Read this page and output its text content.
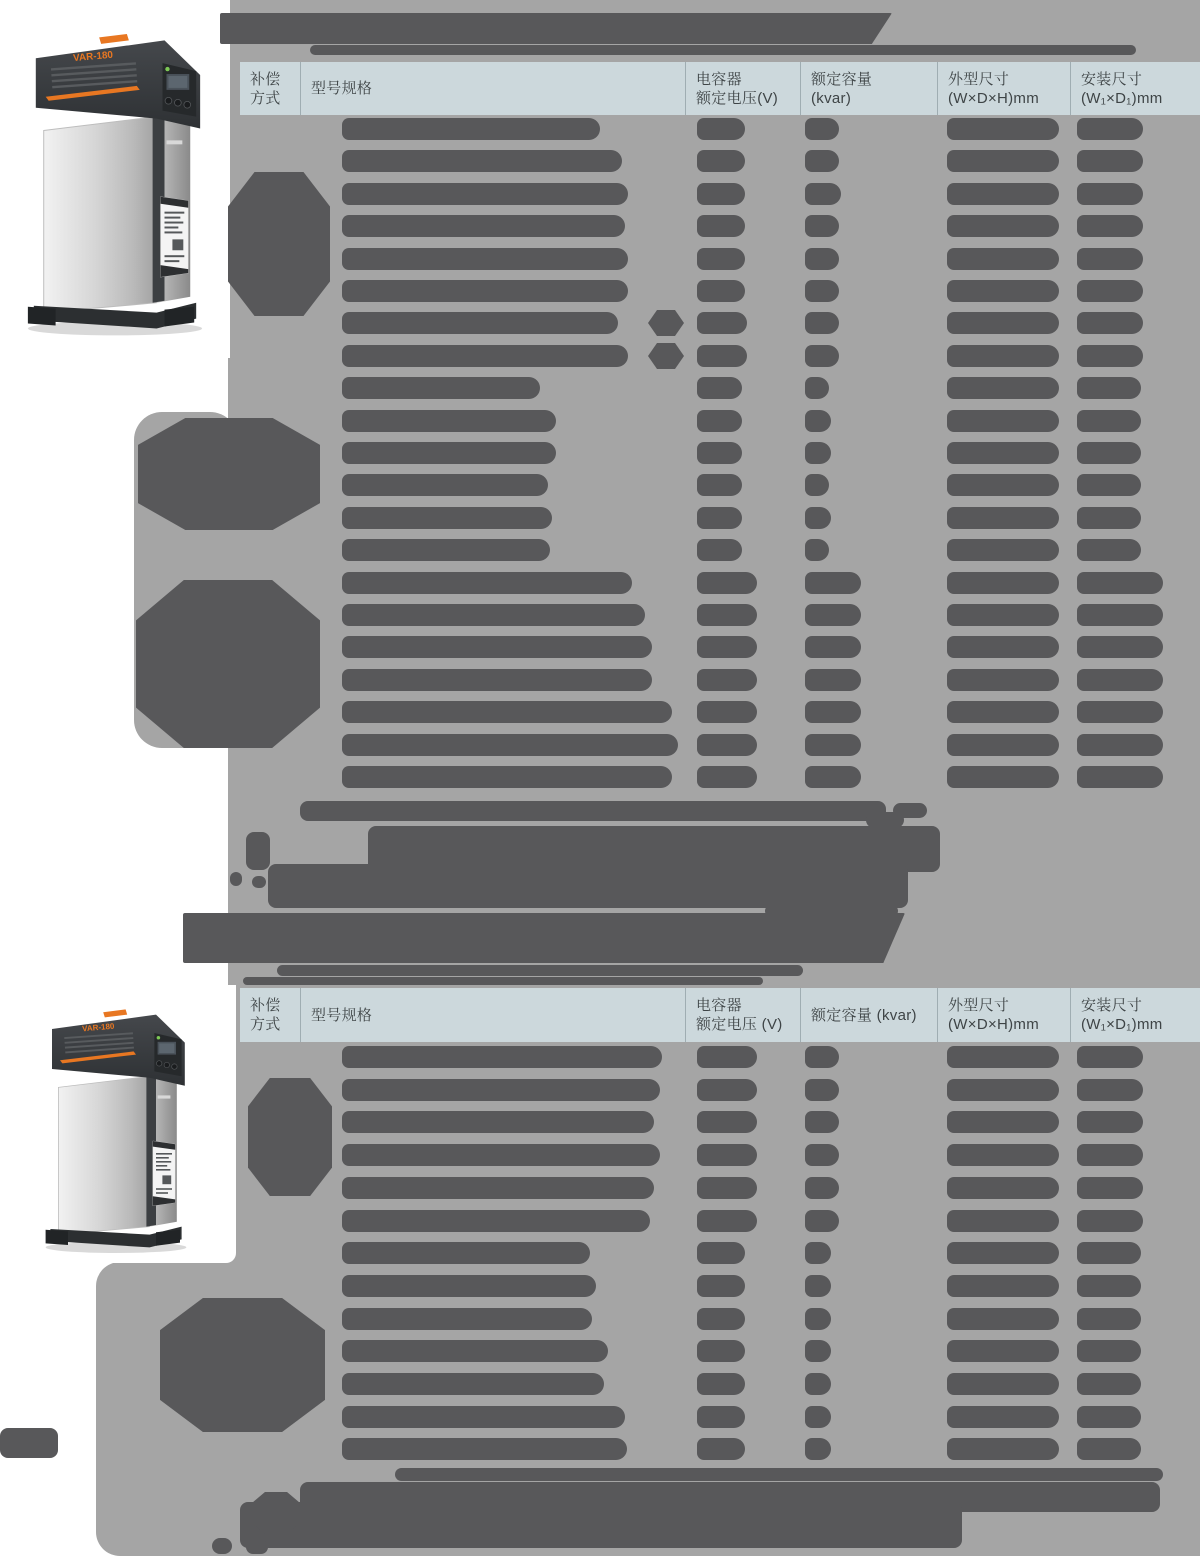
补偿
方式
型号规格
电容器
额定电压(V)
额定容量
(kvar)
外型尺寸
(W×D×H)mm
安装尺寸
(W₁×D₁)mm
补偿
方式
型号规格
电容器
额定电压 (V)
额定容量 (kvar)
外型尺寸
(W×D×H)mm
安装尺寸
(W₁×D₁)mm
